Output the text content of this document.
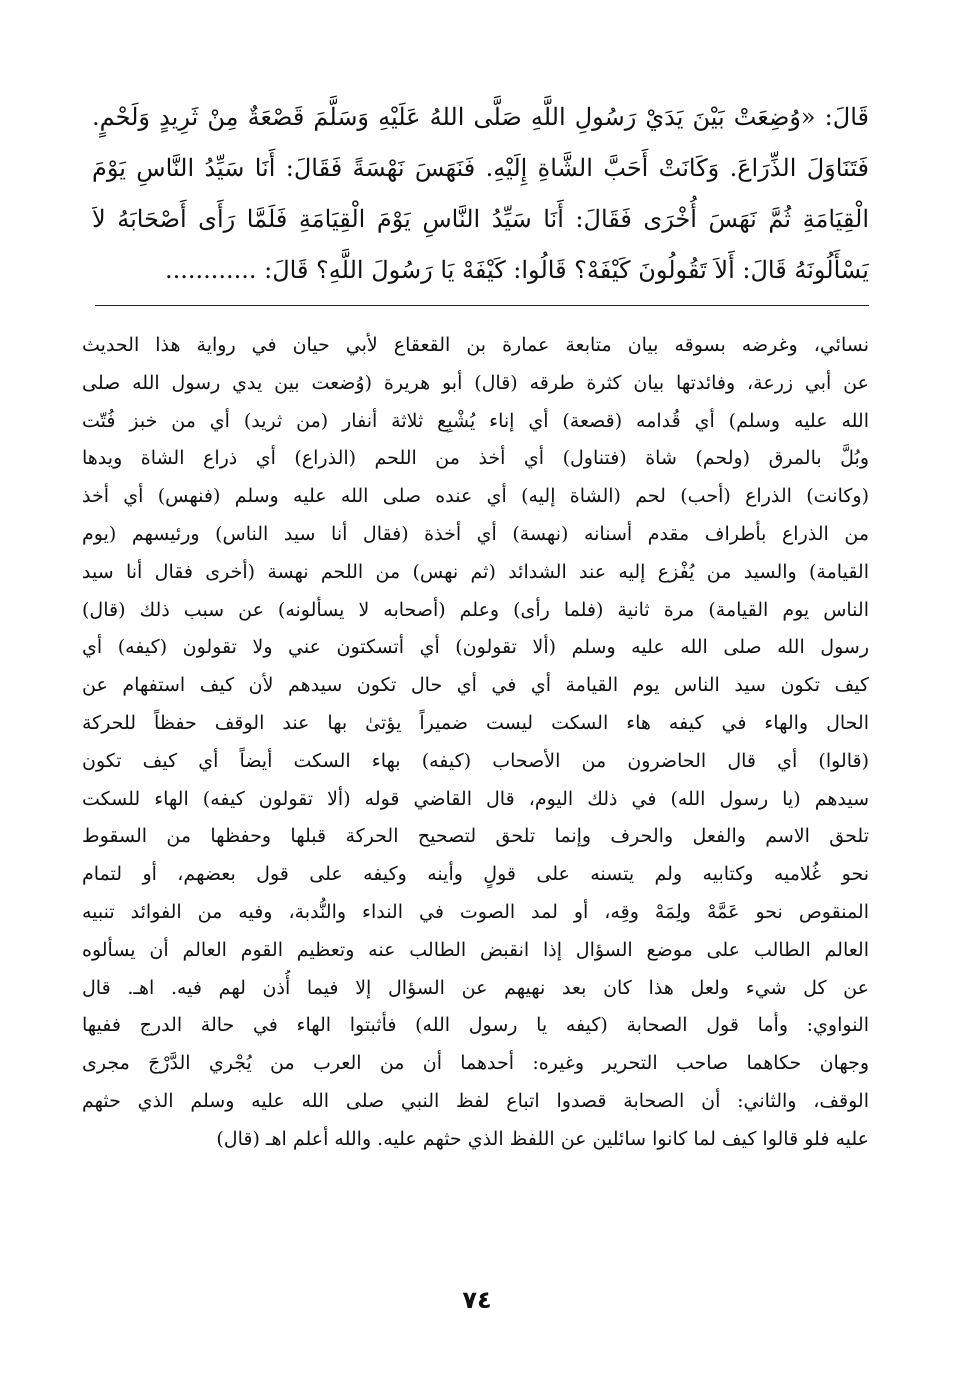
قَالَ: «وُضِعَتْ بَيْنَ يَدَيْ رَسُولِ اللَّهِ صَلَّى اللهُ عَلَيْهِ وَسَلَّمَ قَصْعَةٌ مِنْ ثَرِيدٍ وَلَحْمٍ.
فَتَنَاوَلَ الذِّرَاعَ. وَكَانَتْ أَحَبَّ الشَّاةِ إِلَيْهِ. فَنَهَسَ نَهْسَةً فَقَالَ: أَنَا سَيِّدُ النَّاسِ يَوْمَ
الْقِيَامَةِ ثُمَّ نَهَسَ أُخْرَى فَقَالَ: أَنَا سَيِّدُ النَّاسِ يَوْمَ الْقِيَامَةِ فَلَمَّا رَأَى أَصْحَابَهُ لاَ
يَسْأَلُونَهُ قَالَ: أَلاَ تَقُولُونَ كَيْفَهْ؟ قَالُوا: كَيْفَهْ يَا رَسُولَ اللَّهِ؟ قَالَ: ............
نسائي، وغرضه بسوقه بيان متابعة عمارة بن القعقاع لأبي حيان في رواية هذا الحديث
عن أبي زرعة، وفائدتها بيان كثرة طرقه (قال) أبو هريرة (وُضعت بين يدي رسول الله صلى
الله عليه وسلم) أي قُدامه (قصعة) أي إناء يُشْبِع ثلاثة أنفار (من ثريد) أي من خبز فُتّت
وبُلَّ بالمرق (ولحم) شاة (فتناول) أي أخذ من اللحم (الذراع) أي ذراع الشاة ويدها
(وكانت) الذراع (أحب) لحم (الشاة إليه) أي عنده صلى الله عليه وسلم (فنهس) أي أخذ
من الذراع بأطراف مقدم أسنانه (نهسة) أي أخذة (فقال أنا سيد الناس) ورئيسهم (يوم
القيامة) والسيد من يُفْزع إليه عند الشدائد (ثم نهس) من اللحم نهسة (أخرى فقال أنا سيد
الناس يوم القيامة) مرة ثانية (فلما رأى) وعلم (أصحابه لا يسألونه) عن سبب ذلك (قال)
رسول الله صلى الله عليه وسلم (ألا تقولون) أي أتسكتون عني ولا تقولون (كيفه) أي
كيف تكون سيد الناس يوم القيامة أي في أي حال تكون سيدهم لأن كيف استفهام عن
الحال والهاء في كيفه هاء السكت ليست ضميراً يؤتىٰ بها عند الوقف حفظاً للحركة
(قالوا) أي قال الحاضرون من الأصحاب (كيفه) بهاء السكت أيضاً أي كيف تكون
سيدهم (يا رسول الله) في ذلك اليوم، قال القاضي قوله (ألا تقولون كيفه) الهاء للسكت
تلحق الاسم والفعل والحرف وإنما تلحق لتصحيح الحركة قبلها وحفظها من السقوط
نحو غُلاميه وكتابيه ولم يتسنه على قولٍ وأينه وكيفه على قول بعضهم، أو لتمام
المنقوص نحو عَمَّهْ ولِمَهْ وقِه، أو لمد الصوت في النداء والنُّدبة، وفيه من الفوائد تنبيه
العالم الطالب على موضع السؤال إذا انقبض الطالب عنه وتعظيم القوم العالم أن يسألوه
عن كل شيء ولعل هذا كان بعد نهيهم عن السؤال إلا فيما أُذن لهم فيه. اهـ. قال
النواوي: وأما قول الصحابة (كيفه يا رسول الله) فأثبتوا الهاء في حالة الدرج ففيها
وجهان حكاهما صاحب التحرير وغيره: أحدهما أن من العرب من يُجْري الدَّرْجَ مجرى
الوقف، والثاني: أن الصحابة قصدوا اتباع لفظ النبي صلى الله عليه وسلم الذي حثهم
عليه فلو قالوا كيف لما كانوا سائلين عن اللفظ الذي حثهم عليه. والله أعلم اهـ (قال)
٧٤
